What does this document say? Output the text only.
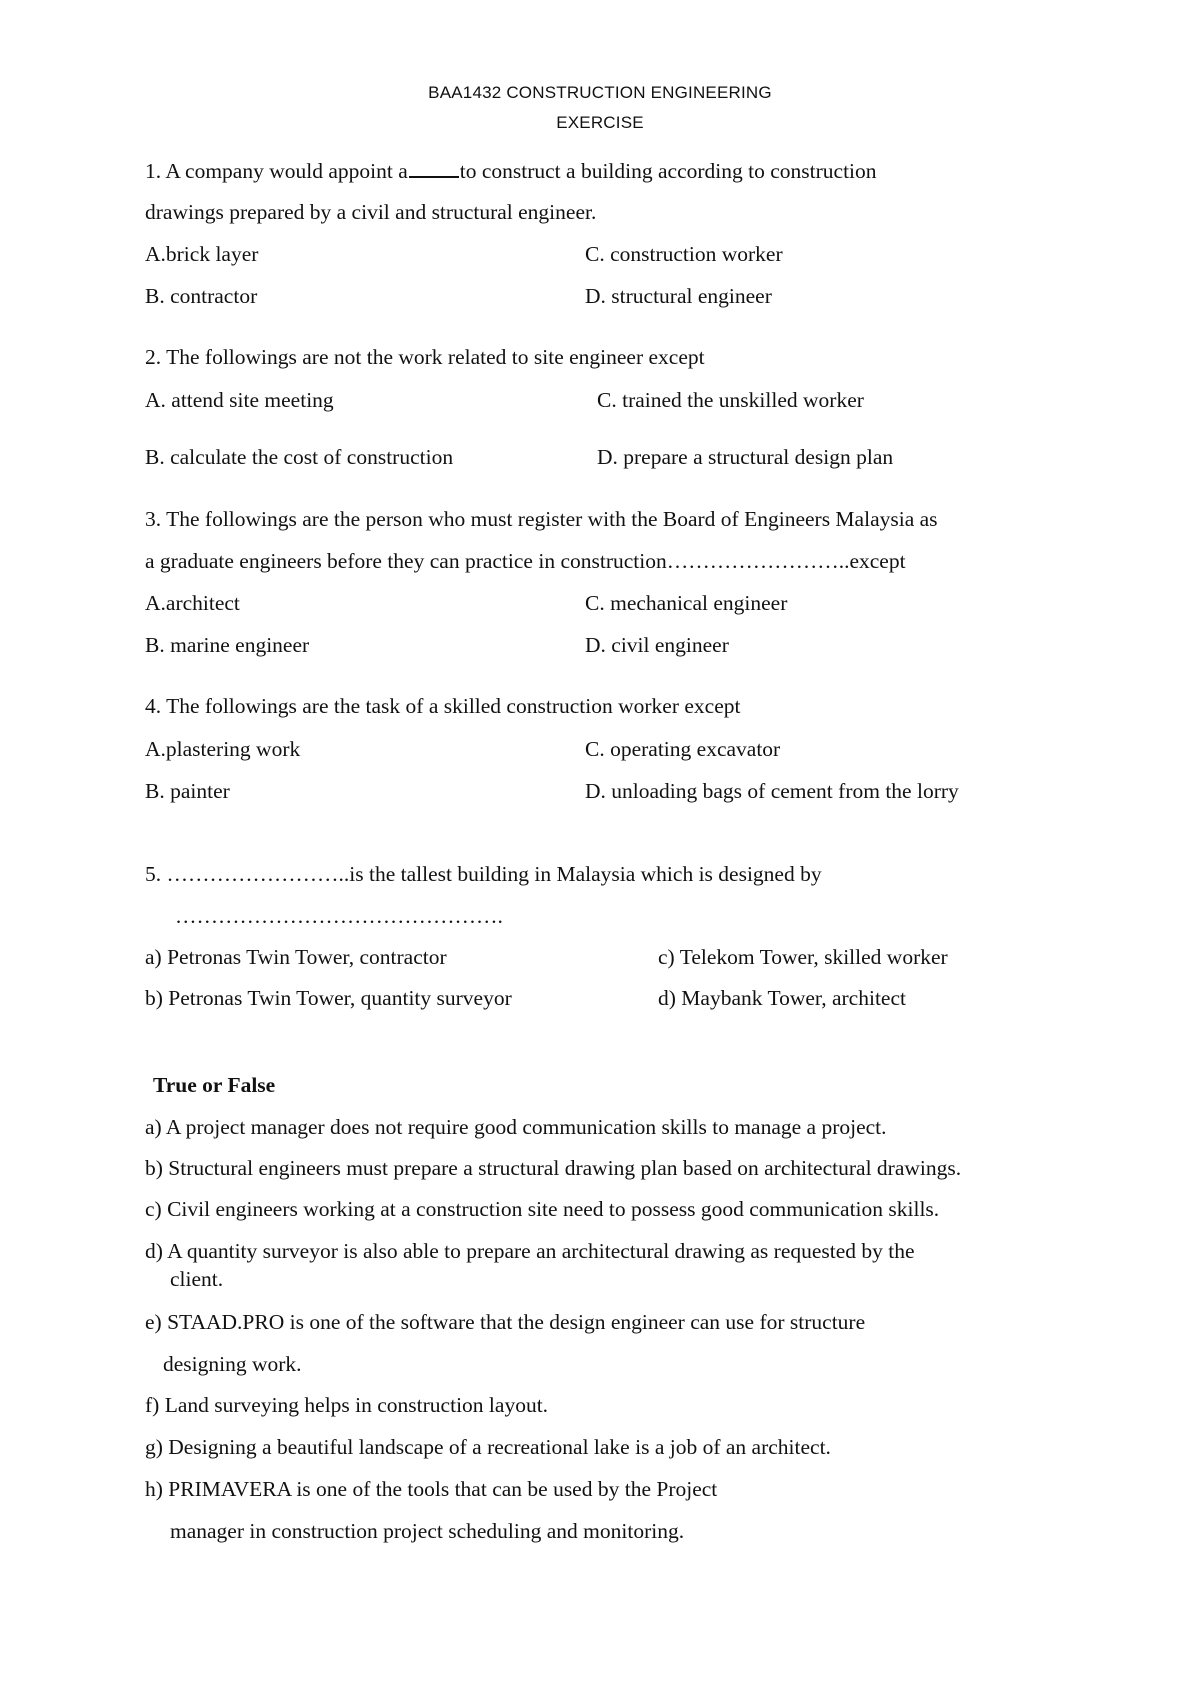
BAA1432 CONSTRUCTION ENGINEERING
EXERCISE
1. A company would appoint a to construct a building according to construction
drawings prepared by a civil and structural engineer.
A.brick layer	C. construction worker
B. contractor	D. structural engineer
2. The followings are not the work related to site engineer except
A. attend site meeting	C. trained the unskilled worker
B. calculate the cost of construction	D. prepare a structural design plan
3. The followings are the person who must register with the Board of Engineers Malaysia as
a graduate engineers before they can practice in construction……………………..except
A.architect	C. mechanical engineer
B. marine engineer	D. civil engineer
4. The followings are the task of a skilled construction worker except
A.plastering work	C. operating excavator
B. painter	D. unloading bags of cement from the lorry
5. ……………………..is the tallest building in Malaysia which is designed by
……………………………………….
a) Petronas Twin Tower, contractor	c) Telekom Tower, skilled worker
b) Petronas Twin Tower, quantity surveyor	d) Maybank Tower, architect
True or False
a) A project manager does not require good communication skills to manage a project.
b) Structural engineers must prepare a structural drawing plan based on architectural drawings.
c) Civil engineers working at a construction site need to possess good communication skills.
d) A quantity surveyor is also able to prepare an architectural drawing as requested by the
client.
e) STAAD.PRO is one of the software that the design engineer can use for structure
designing work.
f) Land surveying helps in construction layout.
g) Designing a beautiful landscape of a recreational lake is a job of an architect.
h) PRIMAVERA is one of the tools that can be used by the Project
manager in construction project scheduling and monitoring.
